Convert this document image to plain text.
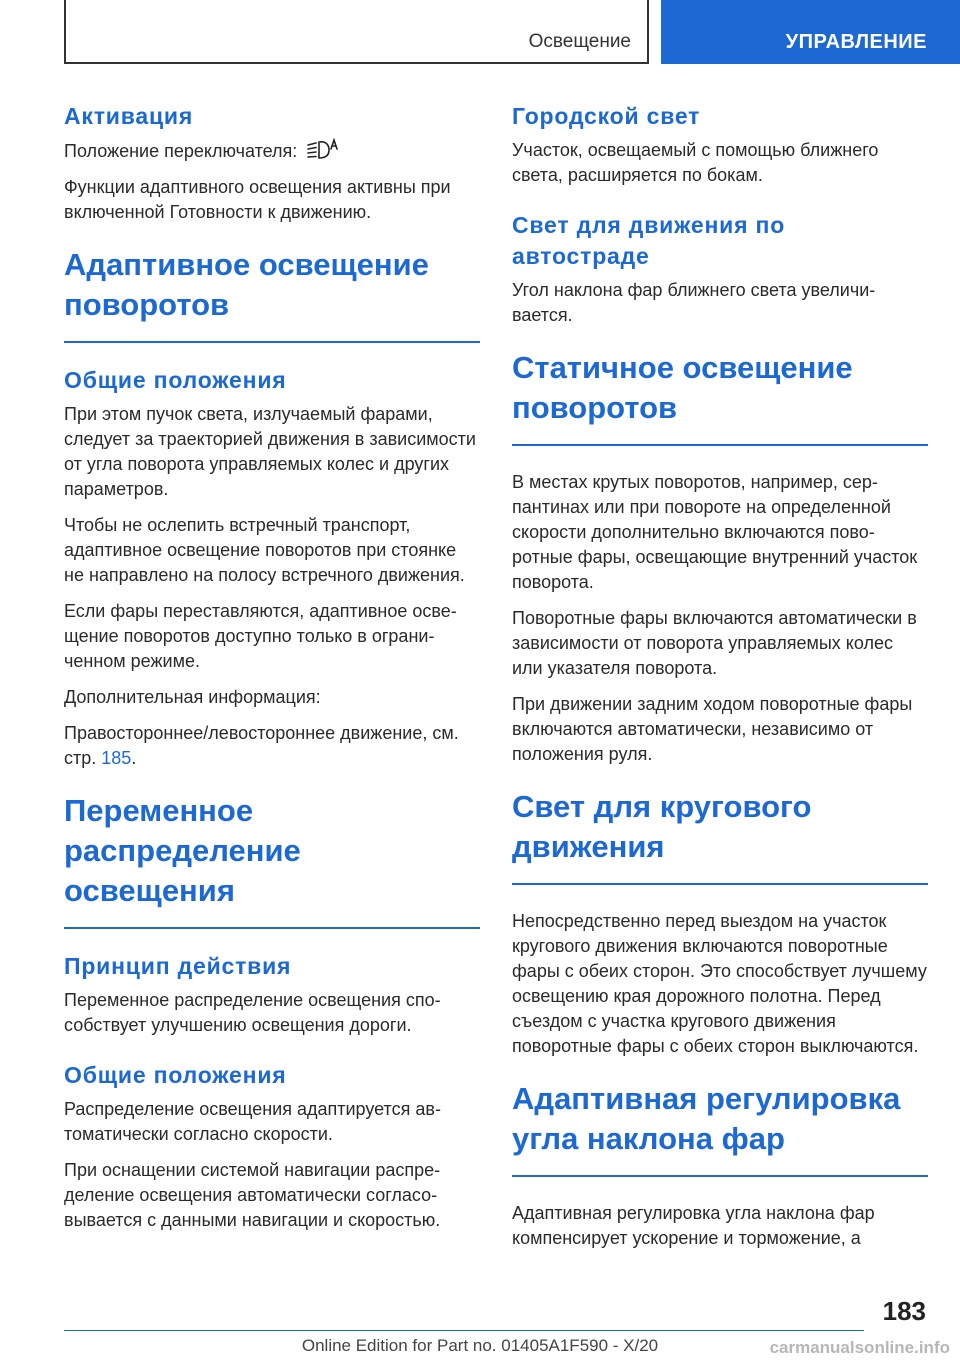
Освещение	УПРАВЛЕНИЕ
Активация

Положение переключателя:

Функции адаптивного освещения активны при включенной Готовности к движению.

Адаптивное освещение поворотов
Общие положения

При этом пучок света, излучаемый фарами, следует за траекторией движения в зависимости от угла поворота управляемых колес и других параметров.

Чтобы не ослепить встречный транспорт, адаптивное освещение поворотов при стоянке не направлено на полосу встречного движения.

Если фары переставляются, адаптивное освещение поворотов доступно только в ограниченном режиме.

Дополнительная информация:

Правостороннее/левостороннее движение, см. стр. 185.

Переменное распределение освещения
Принцип действия

Переменное распределение освещения способствует улучшению освещения дороги.

Общие положения

Распределение освещения адаптируется автоматически согласно скорости.

При оснащении системой навигации распределение освещения автоматически согласовывается с данными навигации и скоростью.

Городской свет

Участок, освещаемый с помощью ближнего света, расширяется по бокам.

Свет для движения по автостраде

Угол наклона фар ближнего света увеличивается.

Статичное освещение поворотов

В местах крутых поворотов, например, серпантинах или при повороте на определенной скорости дополнительно включаются поворотные фары, освещающие внутренний участок поворота.

Поворотные фары включаются автоматически в зависимости от поворота управляемых колес или указателя поворота.

При движении задним ходом поворотные фары включаются автоматически, независимо от положения руля.

Свет для кругового движения

Непосредственно перед выездом на участок кругового движения включаются поворотные фары с обеих сторон. Это способствует лучшему освещению края дорожного полотна. Перед съездом с участка кругового движения поворотные фары с обеих сторон выключаются.

Адаптивная регулировка угла наклона фар

Адаптивная регулировка угла наклона фар компенсирует ускорение и торможение, а

183
Online Edition for Part no. 01405A1F590 - X/20	carmanualsonline.info
